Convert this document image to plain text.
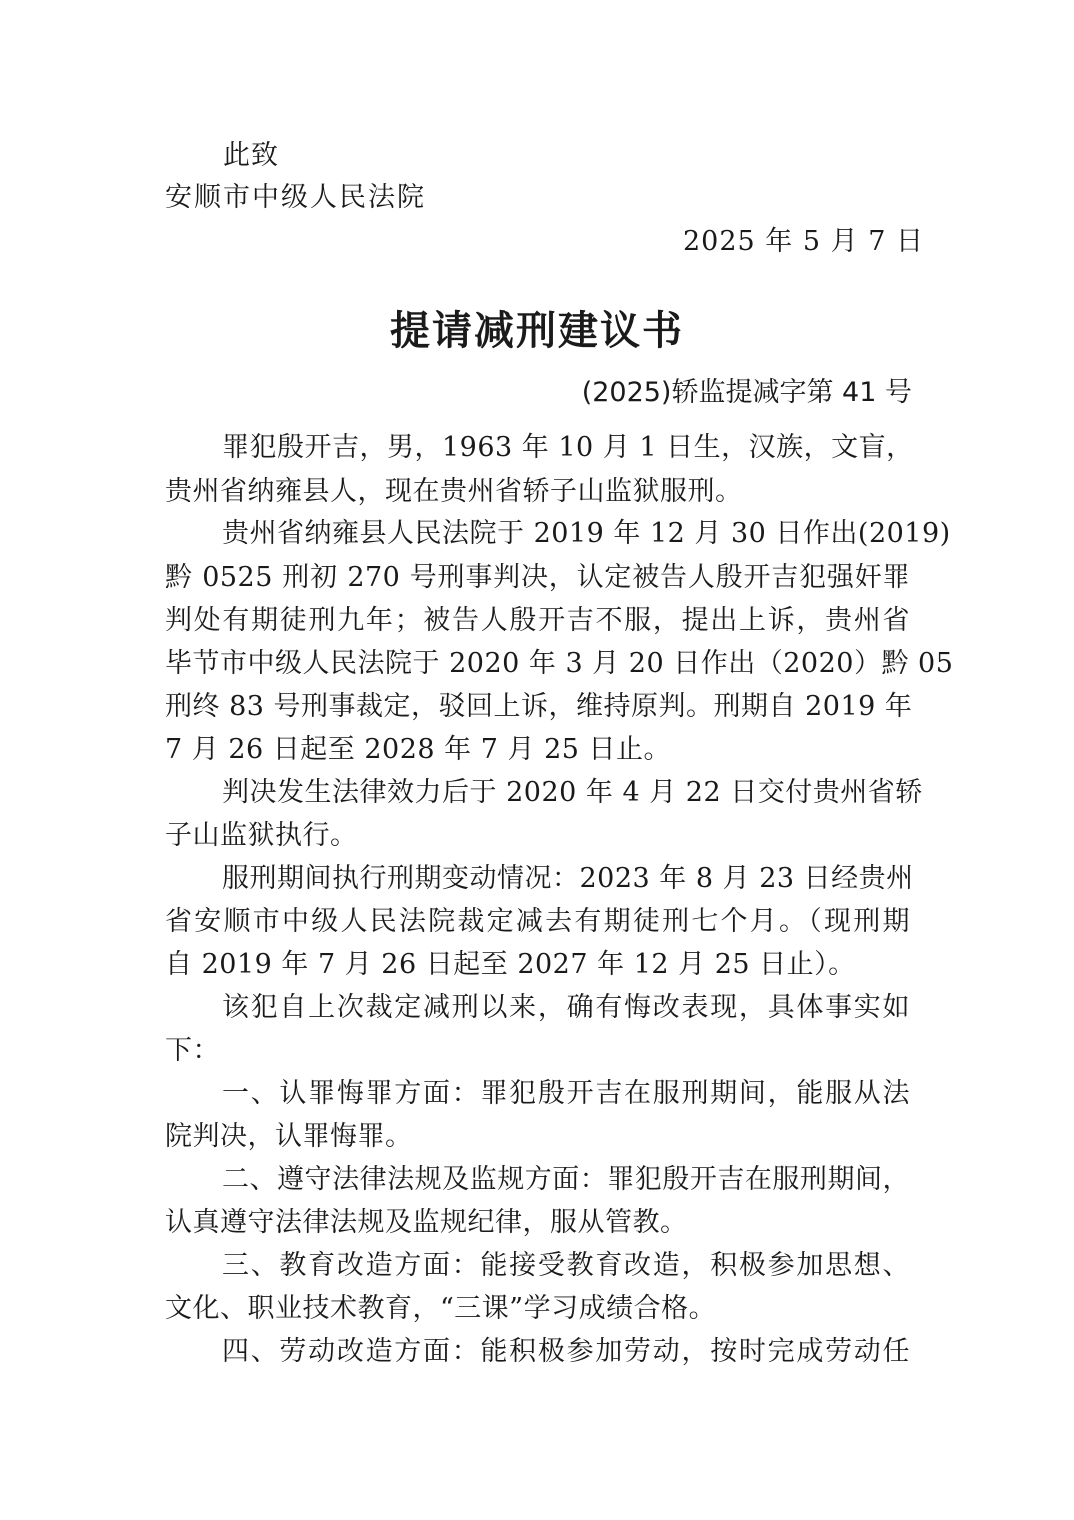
此致
安顺市中级人民法院
2025 年 5 月 7 日
提请减刑建议书
(2025)轿监提减字第 41 号
罪犯殷开吉，男，1963 年 10 月 1 日生，汉族，文盲，
贵州省纳雍县人，现在贵州省轿子山监狱服刑。
贵州省纳雍县人民法院于 2019 年 12 月 30 日作出(2019)
黔 0525 刑初 270 号刑事判决，认定被告人殷开吉犯强奸罪
判处有期徒刑九年；被告人殷开吉不服，提出上诉，贵州省
毕节市中级人民法院于 2020 年 3 月 20 日作出（2020）黔 05
刑终 83 号刑事裁定，驳回上诉，维持原判。刑期自 2019 年
7 月 26 日起至 2028 年 7 月 25 日止。
判决发生法律效力后于 2020 年 4 月 22 日交付贵州省轿
子山监狱执行。
服刑期间执行刑期变动情况：2023 年 8 月 23 日经贵州
省安顺市中级人民法院裁定减去有期徒刑七个月。（现刑期
自 2019 年 7 月 26 日起至 2027 年 12 月 25 日止）。
该犯自上次裁定减刑以来，确有悔改表现，具体事实如
下：
一、认罪悔罪方面：罪犯殷开吉在服刑期间，能服从法
院判决，认罪悔罪。
二、遵守法律法规及监规方面：罪犯殷开吉在服刑期间，
认真遵守法律法规及监规纪律，服从管教。
三、教育改造方面：能接受教育改造，积极参加思想、
文化、职业技术教育，“三课”学习成绩合格。
四、劳动改造方面：能积极参加劳动，按时完成劳动任
